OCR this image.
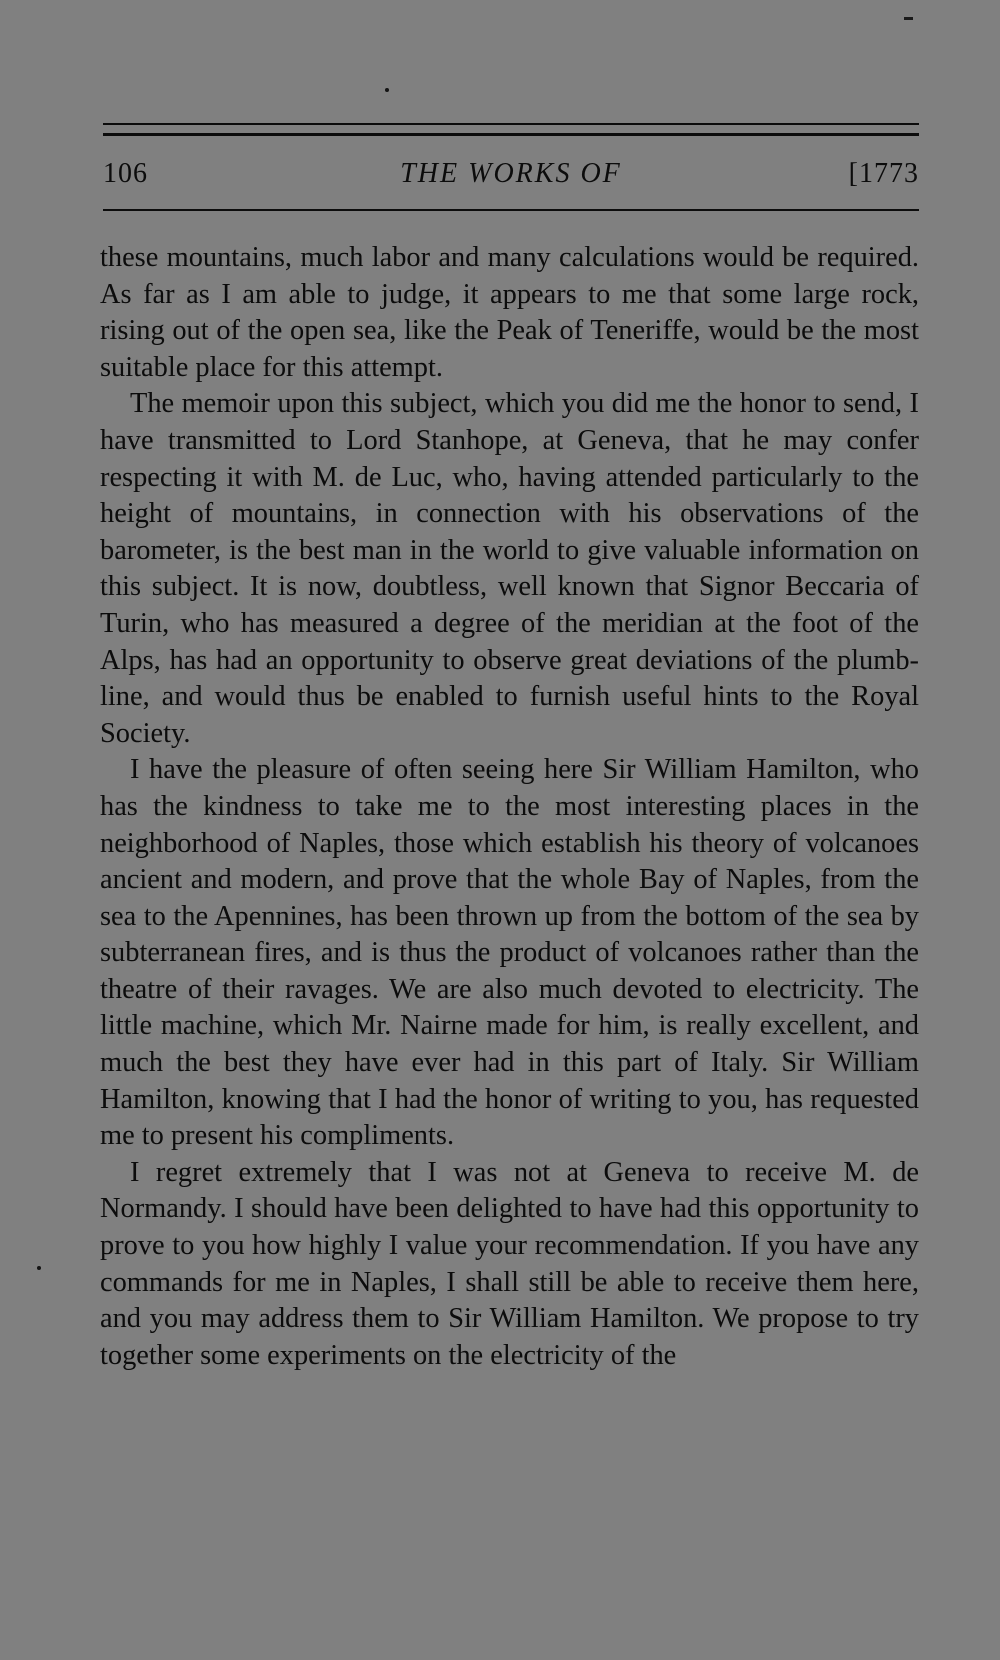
106	THE WORKS OF	[1773

these mountains, much labor and many calculations would be required. As far as I am able to judge, it appears to me that some large rock, rising out of the open sea, like the Peak of Teneriffe, would be the most suitable place for this attempt.

The memoir upon this subject, which you did me the honor to send, I have transmitted to Lord Stanhope, at Geneva, that he may confer respecting it with M. de Luc, who, having attended particularly to the height of mountains, in connection with his observations of the barometer, is the best man in the world to give valuable information on this subject. It is now, doubtless, well known that Signor Beccaria of Turin, who has measured a degree of the meridian at the foot of the Alps, has had an opportunity to observe great deviations of the plumb-line, and would thus be enabled to furnish useful hints to the Royal Society.

I have the pleasure of often seeing here Sir William Hamilton, who has the kindness to take me to the most interesting places in the neighborhood of Naples, those which establish his theory of volcanoes ancient and modern, and prove that the whole Bay of Naples, from the sea to the Apennines, has been thrown up from the bottom of the sea by subterranean fires, and is thus the product of volcanoes rather than the theatre of their ravages. We are also much devoted to electricity. The little machine, which Mr. Nairne made for him, is really excellent, and much the best they have ever had in this part of Italy. Sir William Hamilton, knowing that I had the honor of writing to you, has requested me to present his compliments.

I regret extremely that I was not at Geneva to receive M. de Normandy. I should have been delighted to have had this opportunity to prove to you how highly I value your recommendation. If you have any commands for me in Naples, I shall still be able to receive them here, and you may address them to Sir William Hamilton. We propose to try together some experiments on the electricity of the
